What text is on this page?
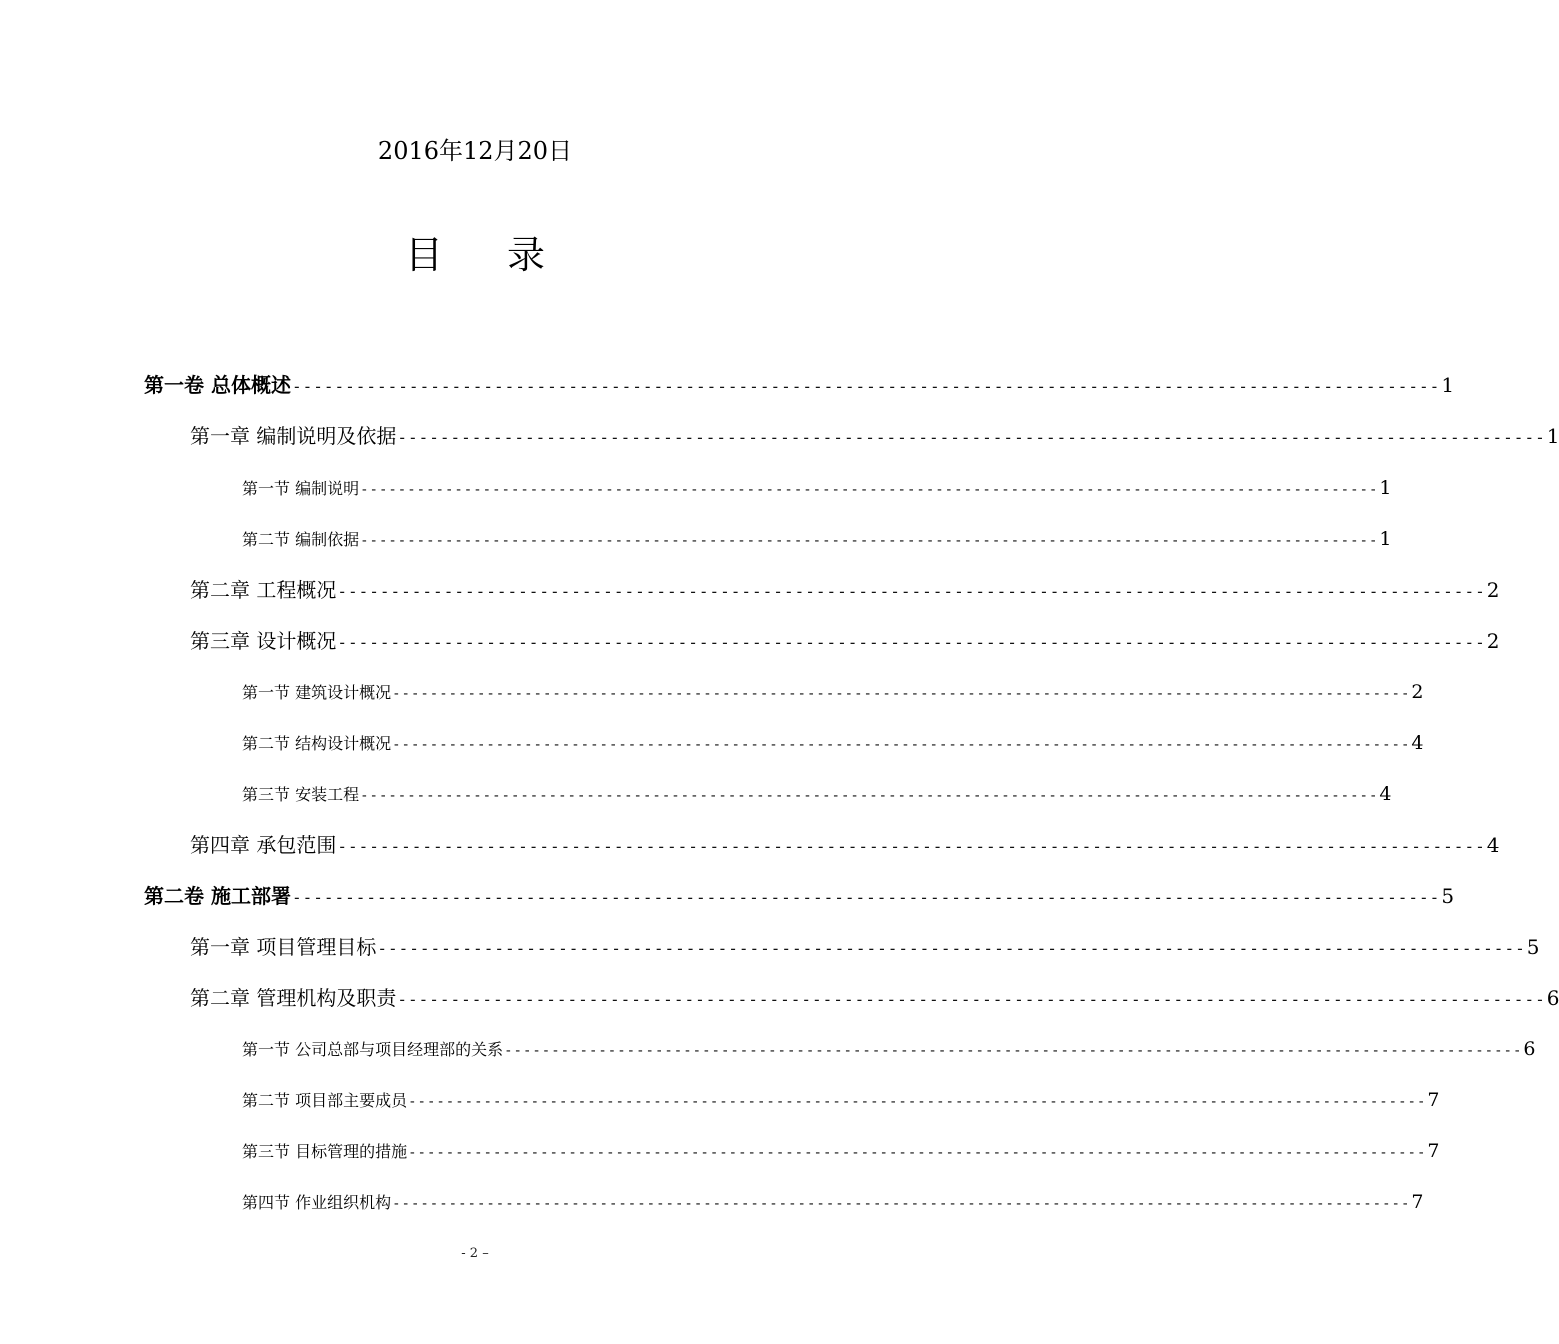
2016年12月20日
目 录
第一卷 总体概述 ------------------------------------------------------------------------------------------------------------ 1
第一章 编制说明及依据 ------------------------------------------------------------------------------------------------------------ 1
第一节 编制说明 ------------------------------------------------------------------------------------------------------------ 1
第二节 编制依据 ------------------------------------------------------------------------------------------------------------ 1
第二章 工程概况 ------------------------------------------------------------------------------------------------------------ 2
第三章 设计概况 ------------------------------------------------------------------------------------------------------------ 2
第一节 建筑设计概况 ------------------------------------------------------------------------------------------------------------ 2
第二节 结构设计概况 ------------------------------------------------------------------------------------------------------------ 4
第三节 安装工程 ------------------------------------------------------------------------------------------------------------ 4
第四章 承包范围 ------------------------------------------------------------------------------------------------------------ 4
第二卷 施工部署 ------------------------------------------------------------------------------------------------------------ 5
第一章 项目管理目标 ------------------------------------------------------------------------------------------------------------ 5
第二章 管理机构及职责 ------------------------------------------------------------------------------------------------------------ 6
第一节 公司总部与项目经理部的关系 ------------------------------------------------------------------------------------------------------------ 6
第二节 项目部主要成员 ------------------------------------------------------------------------------------------------------------ 7
第三节 目标管理的措施 ------------------------------------------------------------------------------------------------------------ 7
第四节 作业组织机构 ------------------------------------------------------------------------------------------------------------ 7
- 2 –
